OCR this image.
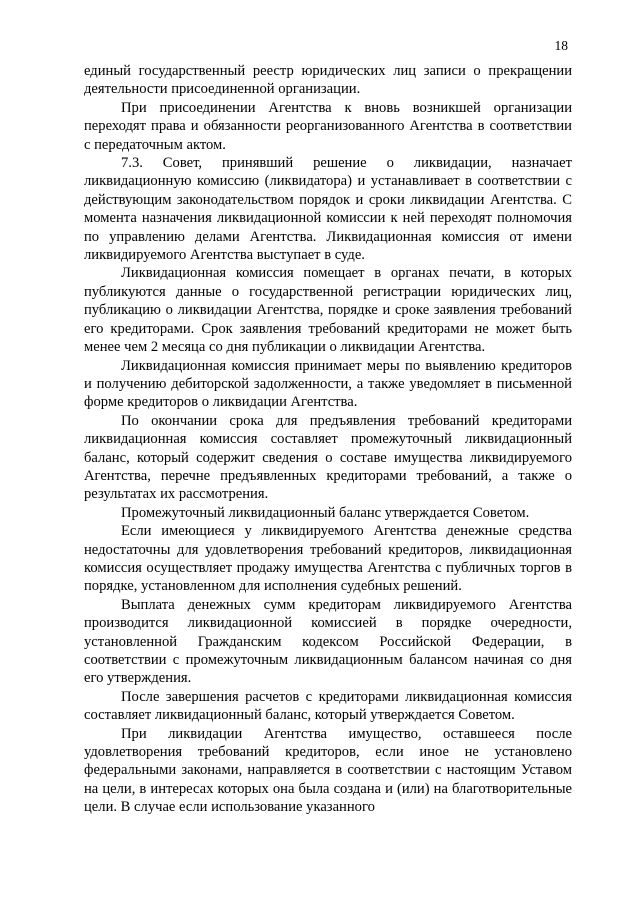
18

единый государственный реестр юридических лиц записи о прекращении деятельности присоединенной организации.

При присоединении Агентства к вновь возникшей организации переходят права и обязанности реорганизованного Агентства в соответствии с передаточным актом.

7.3. Совет, принявший решение о ликвидации, назначает ликвидационную комиссию (ликвидатора) и устанавливает в соответствии с действующим законодательством порядок и сроки ликвидации Агентства. С момента назначения ликвидационной комиссии к ней переходят полномочия по управлению делами Агентства. Ликвидационная комиссия от имени ликвидируемого Агентства выступает в суде.

Ликвидационная комиссия помещает в органах печати, в которых публикуются данные о государственной регистрации юридических лиц, публикацию о ликвидации Агентства, порядке и сроке заявления требований его кредиторами. Срок заявления требований кредиторами не может быть менее чем 2 месяца со дня публикации о ликвидации Агентства.

Ликвидационная комиссия принимает меры по выявлению кредиторов и получению дебиторской задолженности, а также уведомляет в письменной форме кредиторов о ликвидации Агентства.

По окончании срока для предъявления требований кредиторами ликвидационная комиссия составляет промежуточный ликвидационный баланс, который содержит сведения о составе имущества ликвидируемого Агентства, перечне предъявленных кредиторами требований, а также о результатах их рассмотрения.

Промежуточный ликвидационный баланс утверждается Советом.

Если имеющиеся у ликвидируемого Агентства денежные средства недостаточны для удовлетворения требований кредиторов, ликвидационная комиссия осуществляет продажу имущества Агентства с публичных торгов в порядке, установленном для исполнения судебных решений.

Выплата денежных сумм кредиторам ликвидируемого Агентства производится ликвидационной комиссией в порядке очередности, установленной Гражданским кодексом Российской Федерации, в соответствии с промежуточным ликвидационным балансом начиная со дня его утверждения.

После завершения расчетов с кредиторами ликвидационная комиссия составляет ликвидационный баланс, который утверждается Советом.

При ликвидации Агентства имущество, оставшееся после удовлетворения требований кредиторов, если иное не установлено федеральными законами, направляется в соответствии с настоящим Уставом на цели, в интересах которых она была создана и (или) на благотворительные цели. В случае если использование указанного
